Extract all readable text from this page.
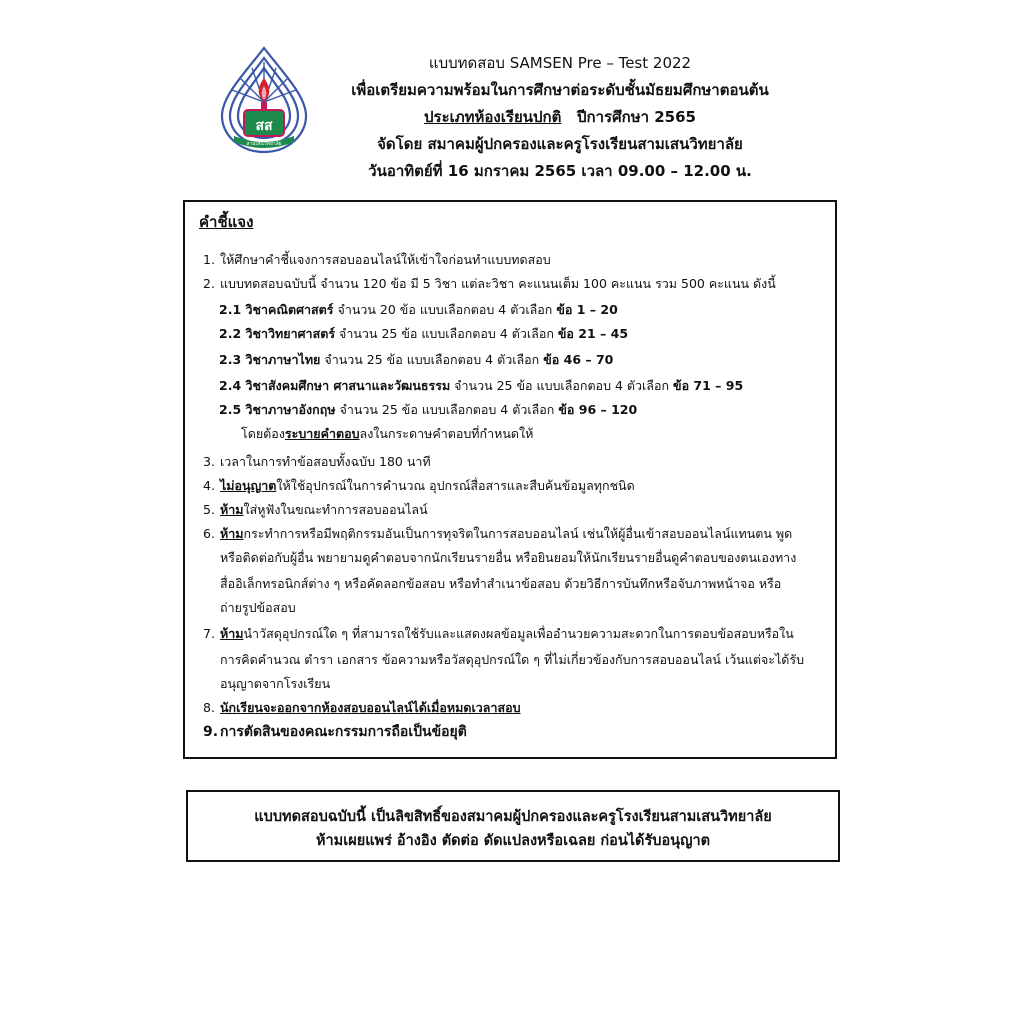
สส
สามเสนวิทยาลัย
แบบทดสอบ SAMSEN Pre – Test 2022
เพื่อเตรียมความพร้อมในการศึกษาต่อระดับชั้นมัธยมศึกษาตอนต้น
ประเภทห้องเรียนปกติ ปีการศึกษา 2565
จัดโดย สมาคมผู้ปกครองและครูโรงเรียนสามเสนวิทยาลัย
วันอาทิตย์ที่ 16 มกราคม 2565 เวลา 09.00 – 12.00 น.
คำชี้แจง
1. ให้ศึกษาคำชี้แจงการสอบออนไลน์ให้เข้าใจก่อนทำแบบทดสอบ
2. แบบทดสอบฉบับนี้ จำนวน 120 ข้อ มี 5 วิชา แต่ละวิชา คะแนนเต็ม 100 คะแนน รวม 500 คะแนน ดังนี้
2.1 วิชาคณิตศาสตร์ จำนวน 20 ข้อ แบบเลือกตอบ 4 ตัวเลือก ข้อ 1 – 20
2.2 วิชาวิทยาศาสตร์ จำนวน 25 ข้อ แบบเลือกตอบ 4 ตัวเลือก ข้อ 21 – 45
2.3 วิชาภาษาไทย จำนวน 25 ข้อ แบบเลือกตอบ 4 ตัวเลือก ข้อ 46 – 70
2.4 วิชาสังคมศึกษา ศาสนาและวัฒนธรรม จำนวน 25 ข้อ แบบเลือกตอบ 4 ตัวเลือก ข้อ 71 – 95
2.5 วิชาภาษาอังกฤษ จำนวน 25 ข้อ แบบเลือกตอบ 4 ตัวเลือก ข้อ 96 – 120
โดยต้องระบายคำตอบลงในกระดาษคำตอบที่กำหนดให้
3. เวลาในการทำข้อสอบทั้งฉบับ 180 นาที
4. ไม่อนุญาตให้ใช้อุปกรณ์ในการคำนวณ อุปกรณ์สื่อสารและสืบค้นข้อมูลทุกชนิด
5. ห้ามใส่หูฟังในขณะทำการสอบออนไลน์
6. ห้ามกระทำการหรือมีพฤติกรรมอันเป็นการทุจริตในการสอบออนไลน์ เช่นให้ผู้อื่นเข้าสอบออนไลน์แทนตน พูด
หรือติดต่อกับผู้อื่น พยายามดูคำตอบจากนักเรียนรายอื่น หรือยินยอมให้นักเรียนรายอื่นดูคำตอบของตนเองทาง
สื่ออิเล็กทรอนิกส์ต่าง ๆ หรือคัดลอกข้อสอบ หรือทำสำเนาข้อสอบ ด้วยวิธีการบันทึกหรือจับภาพหน้าจอ หรือ
ถ่ายรูปข้อสอบ
7. ห้ามนำวัสดุอุปกรณ์ใด ๆ ที่สามารถใช้รับและแสดงผลข้อมูลเพื่ออำนวยความสะดวกในการตอบข้อสอบหรือใน
การคิดคำนวณ ตำรา เอกสาร ข้อความหรือวัสดุอุปกรณ์ใด ๆ ที่ไม่เกี่ยวข้องกับการสอบออนไลน์ เว้นแต่จะได้รับ
อนุญาตจากโรงเรียน
8. นักเรียนจะออกจากห้องสอบออนไลน์ได้เมื่อหมดเวลาสอบ
9. การตัดสินของคณะกรรมการถือเป็นข้อยุติ
แบบทดสอบฉบับนี้ เป็นลิขสิทธิ์ของสมาคมผู้ปกครองและครูโรงเรียนสามเสนวิทยาลัย
ห้ามเผยแพร่ อ้างอิง ตัดต่อ ดัดแปลงหรือเฉลย ก่อนได้รับอนุญาต
